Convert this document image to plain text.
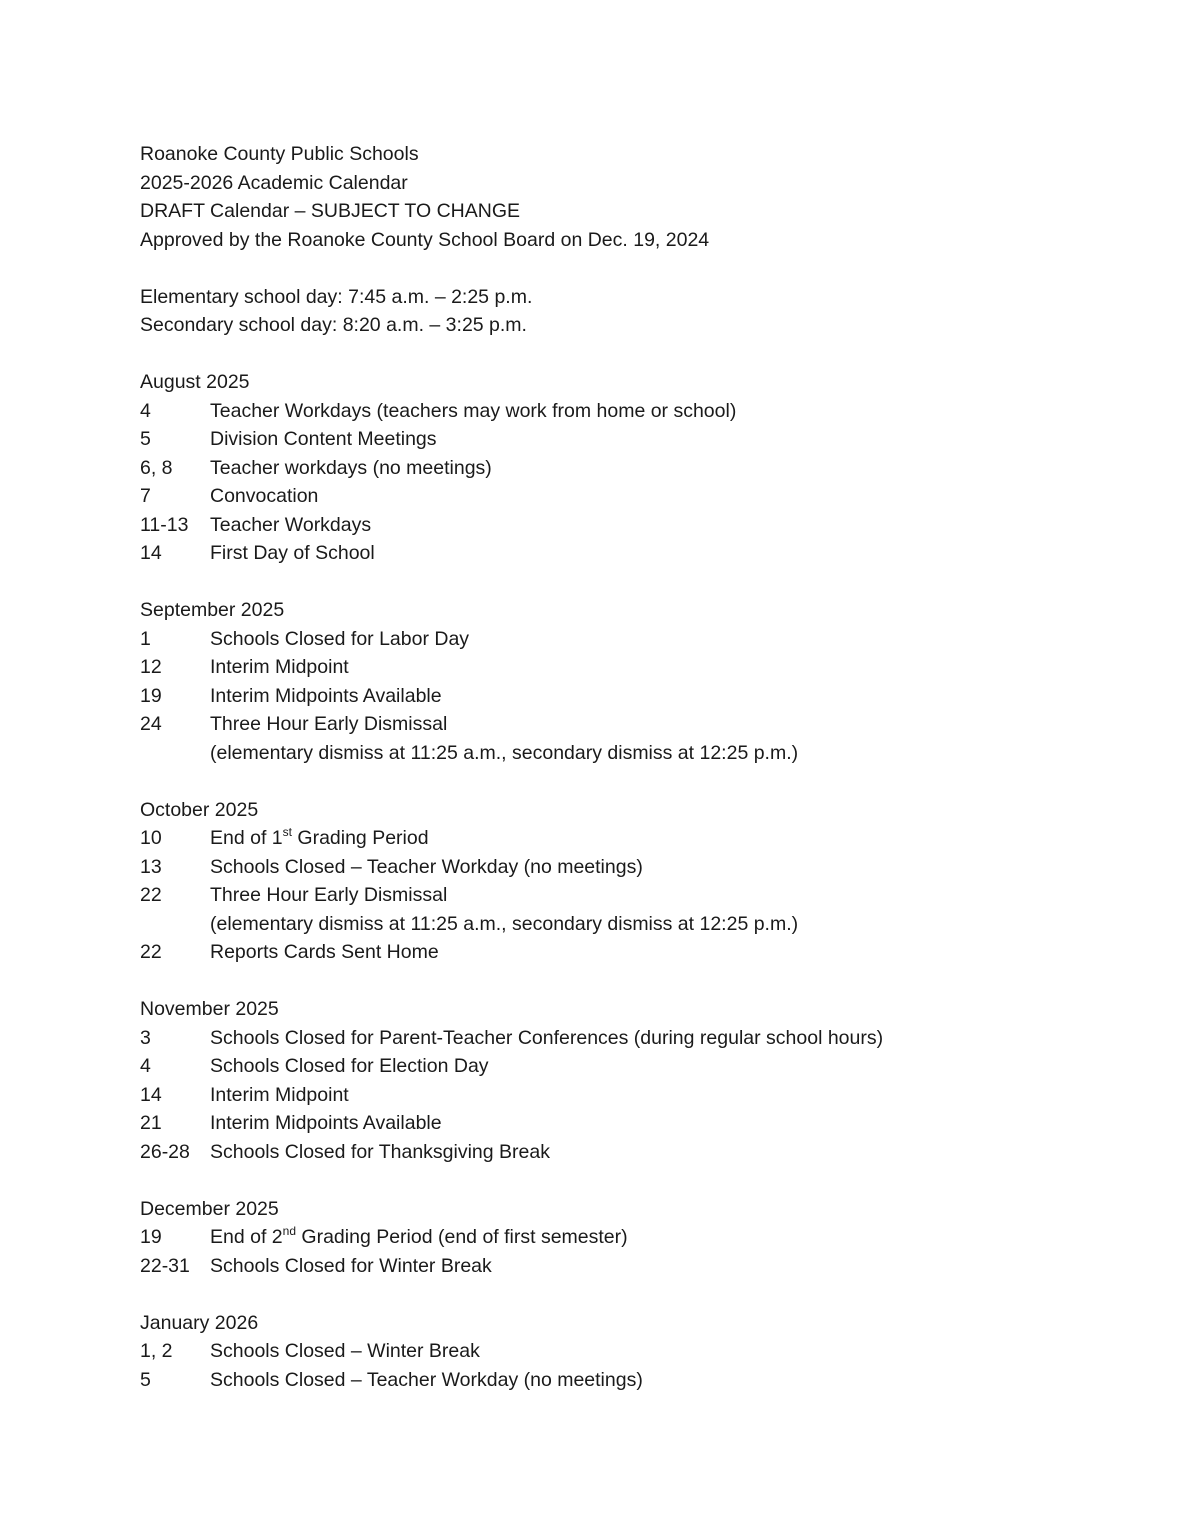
Roanoke County Public Schools
2025-2026 Academic Calendar
DRAFT Calendar – SUBJECT TO CHANGE
Approved by the Roanoke County School Board on Dec. 19, 2024
Elementary school day: 7:45 a.m. – 2:25 p.m.
Secondary school day: 8:20 a.m. – 3:25 p.m.
August 2025
4	Teacher Workdays (teachers may work from home or school)
5	Division Content Meetings
6, 8	Teacher workdays (no meetings)
7	Convocation
11-13	Teacher Workdays
14	First Day of School
September 2025
1	Schools Closed for Labor Day
12	Interim Midpoint
19	Interim Midpoints Available
24	Three Hour Early Dismissal
(elementary dismiss at 11:25 a.m., secondary dismiss at 12:25 p.m.)
October 2025
10	End of 1st Grading Period
13	Schools Closed – Teacher Workday (no meetings)
22	Three Hour Early Dismissal
(elementary dismiss at 11:25 a.m., secondary dismiss at 12:25 p.m.)
22	Reports Cards Sent Home
November 2025
3	Schools Closed for Parent-Teacher Conferences (during regular school hours)
4	Schools Closed for Election Day
14	Interim Midpoint
21	Interim Midpoints Available
26-28	Schools Closed for Thanksgiving Break
December 2025
19	End of 2nd Grading Period (end of first semester)
22-31	Schools Closed for Winter Break
January 2026
1, 2	Schools Closed – Winter Break
5	Schools Closed – Teacher Workday (no meetings)
